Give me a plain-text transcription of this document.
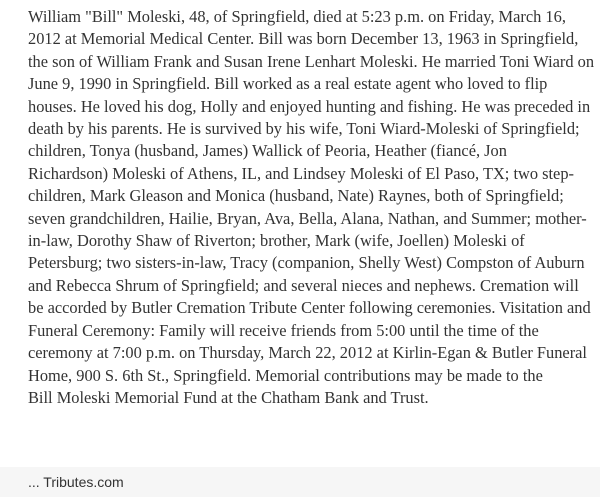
William "Bill" Moleski, 48, of Springfield, died at 5:23 p.m. on Friday, March 16,
2012 at Memorial Medical Center. Bill was born December 13, 1963 in Springfield,
the son of William Frank and Susan Irene Lenhart Moleski. He married Toni Wiard on
June 9, 1990 in Springfield. Bill worked as a real estate agent who loved to flip
houses. He loved his dog, Holly and enjoyed hunting and fishing. He was preceded in
death by his parents. He is survived by his wife, Toni Wiard-Moleski of Springfield;
children, Tonya (husband, James) Wallick of Peoria, Heather (fiancé, Jon
Richardson) Moleski of Athens, IL, and Lindsey Moleski of El Paso, TX; two step-
children, Mark Gleason and Monica (husband, Nate) Raynes, both of Springfield;
seven grandchildren, Hailie, Bryan, Ava, Bella, Alana, Nathan, and Summer; mother-
in-law, Dorothy Shaw of Riverton; brother, Mark (wife, Joellen) Moleski of
Petersburg; two sisters-in-law, Tracy (companion, Shelly West) Compston of Auburn
and Rebecca Shrum of Springfield; and several nieces and nephews. Cremation will
be accorded by Butler Cremation Tribute Center following ceremonies. Visitation and
Funeral Ceremony: Family will receive friends from 5:00 until the time of the
ceremony at 7:00 p.m. on Thursday, March 22, 2012 at Kirlin-Egan & Butler Funeral
Home, 900 S. 6th St., Springfield. Memorial contributions may be made to the
Bill Moleski Memorial Fund at the Chatham Bank and Trust.
... Tributes.com
